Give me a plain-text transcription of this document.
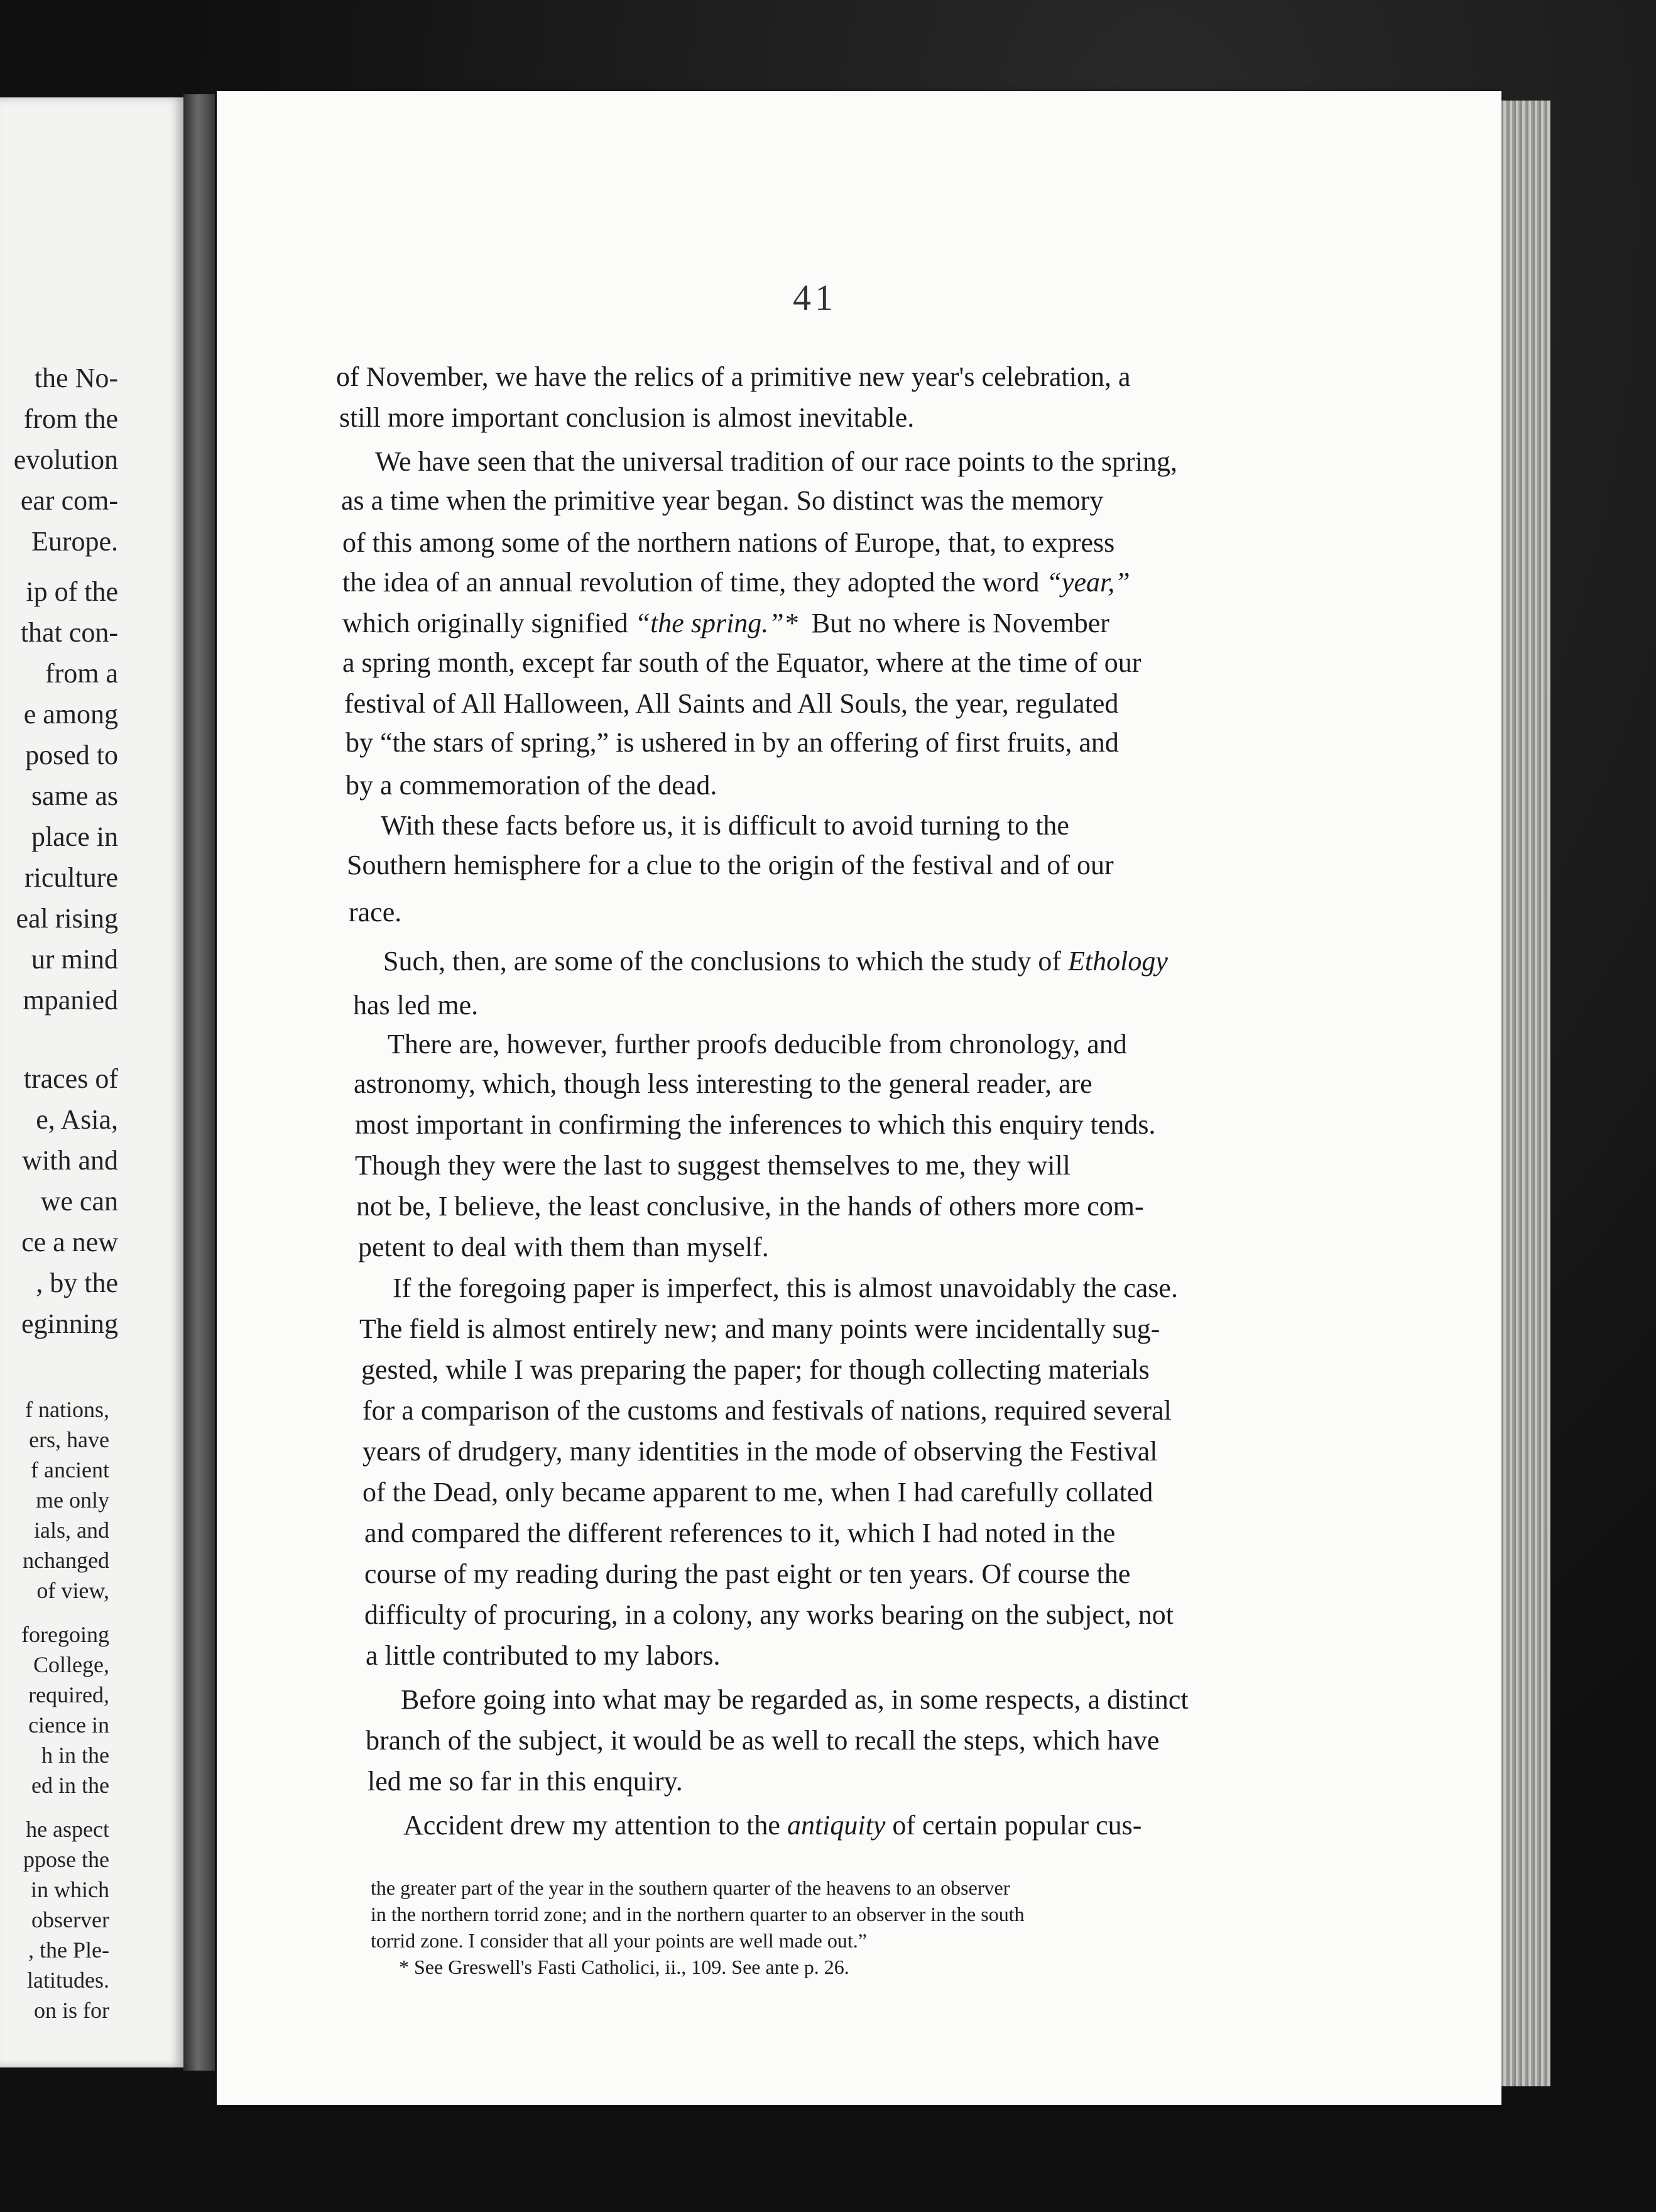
the No-
from the
evolution
ear com-
Europe.
ip of the
that con-
from a
e among
posed to
same as
place in
riculture
eal rising
ur mind
mpanied
traces of
e, Asia,
with and
we can
ce a new
, by the
eginning
f nations,
ers, have
f ancient
me only
ials, and
nchanged
of view,
foregoing
College,
required,
cience in
h in the
ed in the
he aspect
ppose the
in which
observer
, the Ple-
latitudes.
on is for
41
of November, we have the relics of a primitive new year's celebration, a
still more important conclusion is almost inevitable.
We have seen that the universal tradition of our race points to the spring,
as a time when the primitive year began. So distinct was the memory
of this among some of the northern nations of Europe, that, to express
the idea of an annual revolution of time, they adopted the word “year,”
which originally signified “the spring.”* But no where is November
a spring month, except far south of the Equator, where at the time of our
festival of All Halloween, All Saints and All Souls, the year, regulated
by “the stars of spring,” is ushered in by an offering of first fruits, and
by a commemoration of the dead.
With these facts before us, it is difficult to avoid turning to the
Southern hemisphere for a clue to the origin of the festival and of our
race.
Such, then, are some of the conclusions to which the study of Ethology
has led me.
There are, however, further proofs deducible from chronology, and
astronomy, which, though less interesting to the general reader, are
most important in confirming the inferences to which this enquiry tends.
Though they were the last to suggest themselves to me, they will
not be, I believe, the least conclusive, in the hands of others more com-
petent to deal with them than myself.
If the foregoing paper is imperfect, this is almost unavoidably the case.
The field is almost entirely new; and many points were incidentally sug-
gested, while I was preparing the paper; for though collecting materials
for a comparison of the customs and festivals of nations, required several
years of drudgery, many identities in the mode of observing the Festival
of the Dead, only became apparent to me, when I had carefully collated
and compared the different references to it, which I had noted in the
course of my reading during the past eight or ten years. Of course the
difficulty of procuring, in a colony, any works bearing on the subject, not
a little contributed to my labors.
Before going into what may be regarded as, in some respects, a distinct
branch of the subject, it would be as well to recall the steps, which have
led me so far in this enquiry.
Accident drew my attention to the antiquity of certain popular cus-
the greater part of the year in the southern quarter of the heavens to an observer
in the northern torrid zone; and in the northern quarter to an observer in the south
torrid zone. I consider that all your points are well made out.”
* See Greswell's Fasti Catholici, ii., 109. See ante p. 26.
